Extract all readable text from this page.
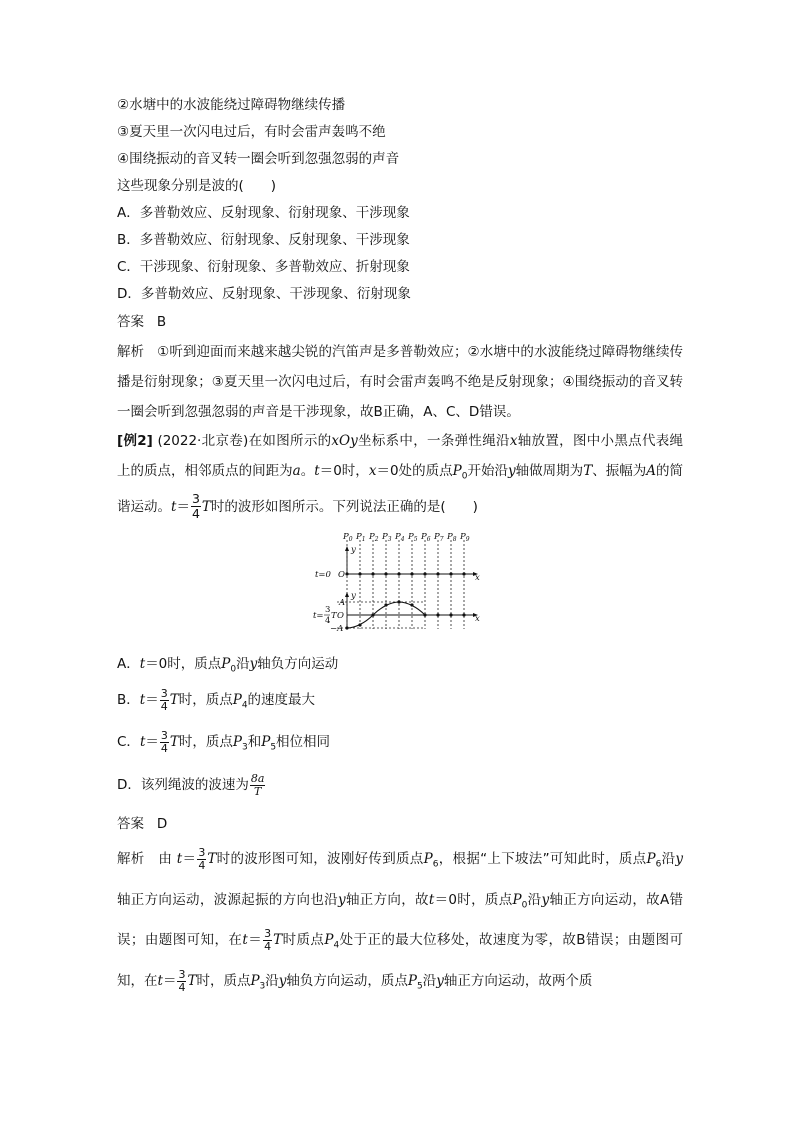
②水塘中的水波能绕过障碍物继续传播
③夏天里一次闪电过后，有时会雷声轰鸣不绝
④围绕振动的音叉转一圈会听到忽强忽弱的声音
这些现象分别是波的(　　)
A．多普勒效应、反射现象、衍射现象、干涉现象
B．多普勒效应、衍射现象、反射现象、干涉现象
C．干涉现象、衍射现象、多普勒效应、折射现象
D．多普勒效应、反射现象、干涉现象、衍射现象
答案 B
解析 ①听到迎面而来越来越尖锐的汽笛声是多普勒效应；②水塘中的水波能绕过障碍物继续传播是衍射现象；③夏天里一次闪电过后，有时会雷声轰鸣不绝是反射现象；④围绕振动的音叉转一圈会听到忽强忽弱的声音是干涉现象，故B正确，A、C、D错误。
[例2] (2022·北京卷)在如图所示的xOy坐标系中，一条弹性绳沿x轴放置，图中小黑点代表绳上的质点，相邻质点的间距为a。t＝0时，x＝0处的质点$P_0$开始沿y轴做周期为T、振幅为A的简谐运动。$t= \frac{3}{4}$ T时的波形如图所示。下列说法正确的是(　　)
$P_0$ $P_1$ $P_2$ $P_3$ $P_4$ $P_5$ $P_6$ $P_7$ $P_8$ $P_9$
y
x
t=0 O
y
x
A
O
−A
t=
3
4 T
A．t＝0时，质点$P_0$沿y轴负方向运动
B．$t= \frac{3}{4}$ T时，质点$P_4$的速度最大
C．$t= \frac{3}{4}$ T时，质点$P_3$和$P_5$相位相同
D．该列绳波的波速为 $\frac{8a}{T}$
答案 D
解析 由 $t= \frac{3}{4}$ T时的波形图可知，波刚好传到质点$P_6$，根据“上下坡法”可知此时，质点$P_6$沿y轴正方向运动，波源起振的方向也沿y轴正方向，故t＝0时，质点$P_0$沿y轴正方向运动，故A错误；由题图可知，在$t= \frac{3}{4}$ T时质点$P_4$处于正的最大位移处，故速度为零，故B错误；由题图可知，在$t= \frac{3}{4}$ T时，质点$P_3$沿y轴负方向运动，质点$P_5$沿y轴正方向运动，故两个质
